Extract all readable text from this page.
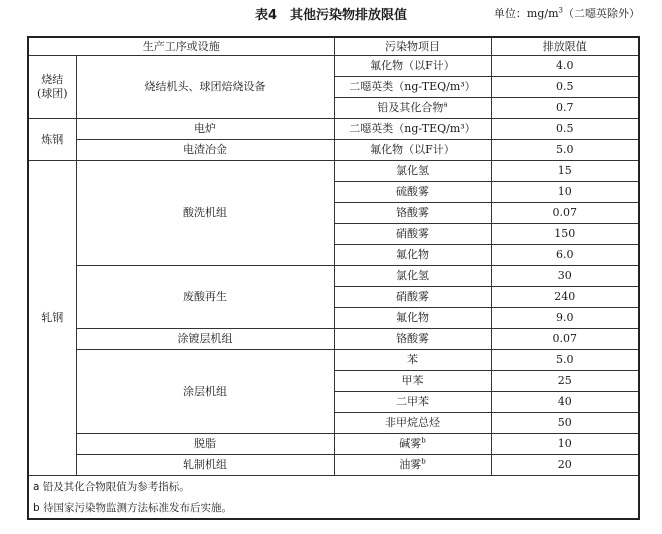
表4　其他污染物排放限值	单位：$mg/m^3$（二噁英除外）
生产工序或设施		污染物项目	排放限值
烧结
(球团)	烧结机头、球团焙烧设备	氟化物（以F计）	4.0
		二噁英类（ng-TEQ/m³）	0.5
		铅及其化合物$^a$	0.7
炼钢	电炉	二噁英类（ng-TEQ/m³）	0.5
	电渣冶金	氟化物（以F计）	5.0
轧钢	酸洗机组	氯化氢	15
		硫酸雾	10
		铬酸雾	0.07
		硝酸雾	150
		氟化物	6.0
	废酸再生	氯化氢	30
		硝酸雾	240
		氟化物	9.0
	涂镀层机组	铬酸雾	0.07
	涂层机组	苯	5.0
		甲苯	25
		二甲苯	40
		非甲烷总烃	50
	脱脂	碱雾$^b$	10
	轧制机组	油雾$^b$	20
a 铅及其化合物限值为参考指标。			
b 待国家污染物监测方法标准发布后实施。			
